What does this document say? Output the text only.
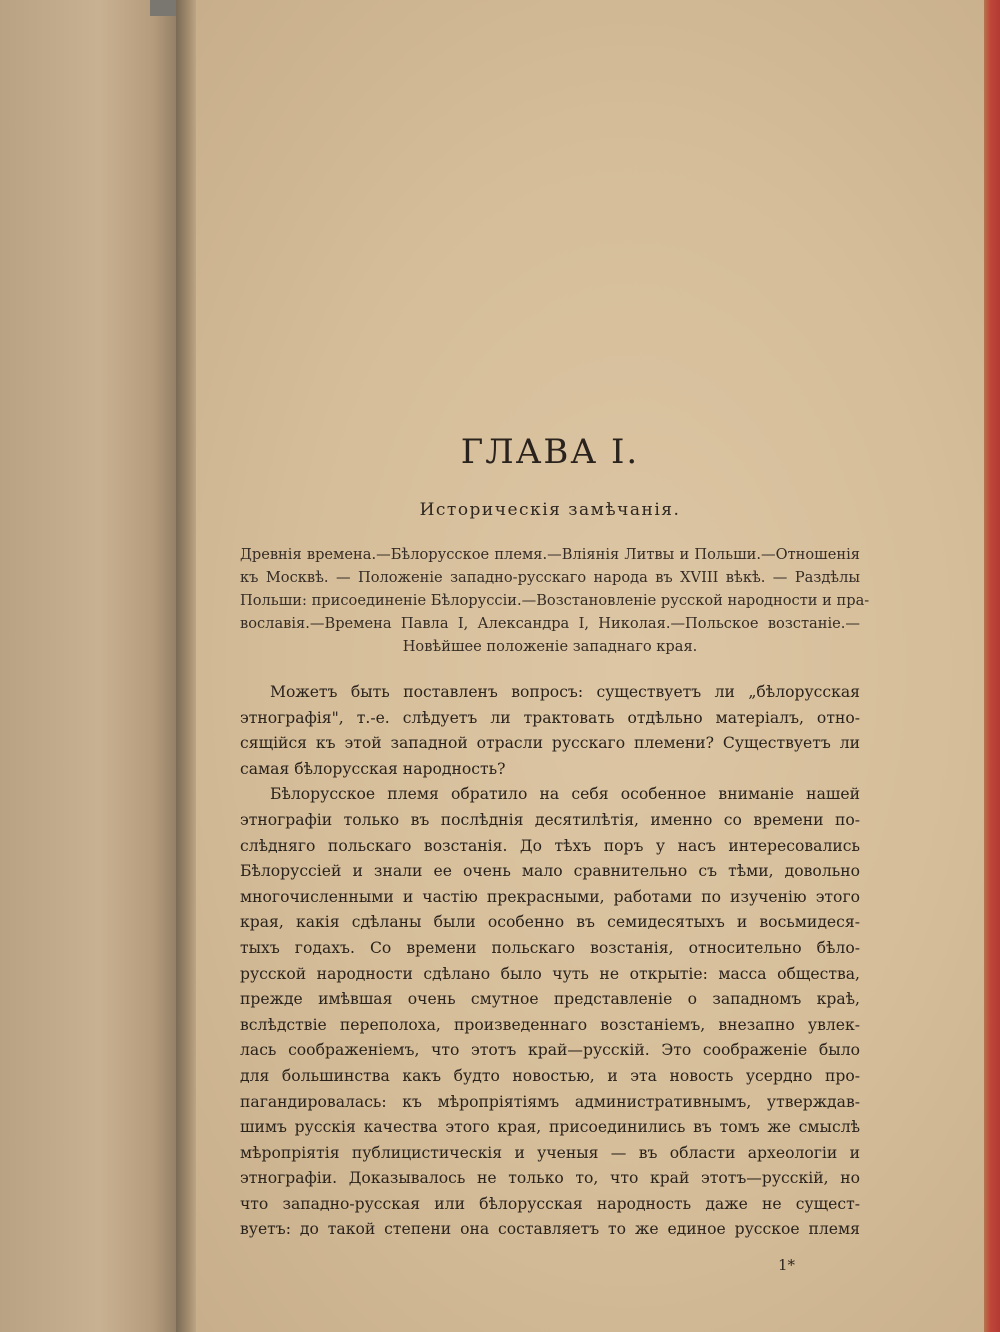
ГЛАВА I.
Историческія замѣчанія.
Древнія времена.—Бѣлорусское племя.—Вліянія Литвы и Польши.—Отношенія
къ Москвѣ. — Положеніе западно-русскаго народа въ XVIII вѣкѣ. — Раздѣлы
Польши: присоединеніе Бѣлоруссіи.—Возстановленіе русской народности и пра-
вославія.—Времена Павла I, Александра I, Николая.—Польское возстаніе.—
Новѣйшее положеніе западнаго края.
Можетъ быть поставленъ вопросъ: существуетъ ли „бѣлорусская
этнографія", т.-е. слѣдуетъ ли трактовать отдѣльно матеріалъ, отно-
сящійся къ этой западной отрасли русскаго племени? Существуетъ ли
самая бѣлорусская народность?
Бѣлорусское племя обратило на себя особенное вниманіе нашей
этнографіи только въ послѣднія десятилѣтія, именно со времени по-
слѣдняго польскаго возстанія. До тѣхъ поръ у насъ интересовались
Бѣлоруссіей и знали ее очень мало сравнительно съ тѣми, довольно
многочисленными и частію прекрасными, работами по изученію этого
края, какія сдѣланы были особенно въ семидесятыхъ и восьмидеся-
тыхъ годахъ. Со времени польскаго возстанія, относительно бѣло-
русской народности сдѣлано было чуть не открытіе: масса общества,
прежде имѣвшая очень смутное представленіе о западномъ краѣ,
вслѣдствіе переполоха, произведеннаго возстаніемъ, внезапно увлек-
лась соображеніемъ, что этотъ край—русскій. Это соображеніе было
для большинства какъ будто новостью, и эта новость усердно про-
пагандировалась: къ мѣропріятіямъ административнымъ, утверждав-
шимъ русскія качества этого края, присоединились въ томъ же смыслѣ
мѣропріятія публицистическія и ученыя — въ области археологіи и
этнографіи. Доказывалось не только то, что край этотъ—русскій, но
что западно-русская или бѣлорусская народность даже не сущест-
вуетъ: до такой степени она составляетъ то же единое русское племя
1*
